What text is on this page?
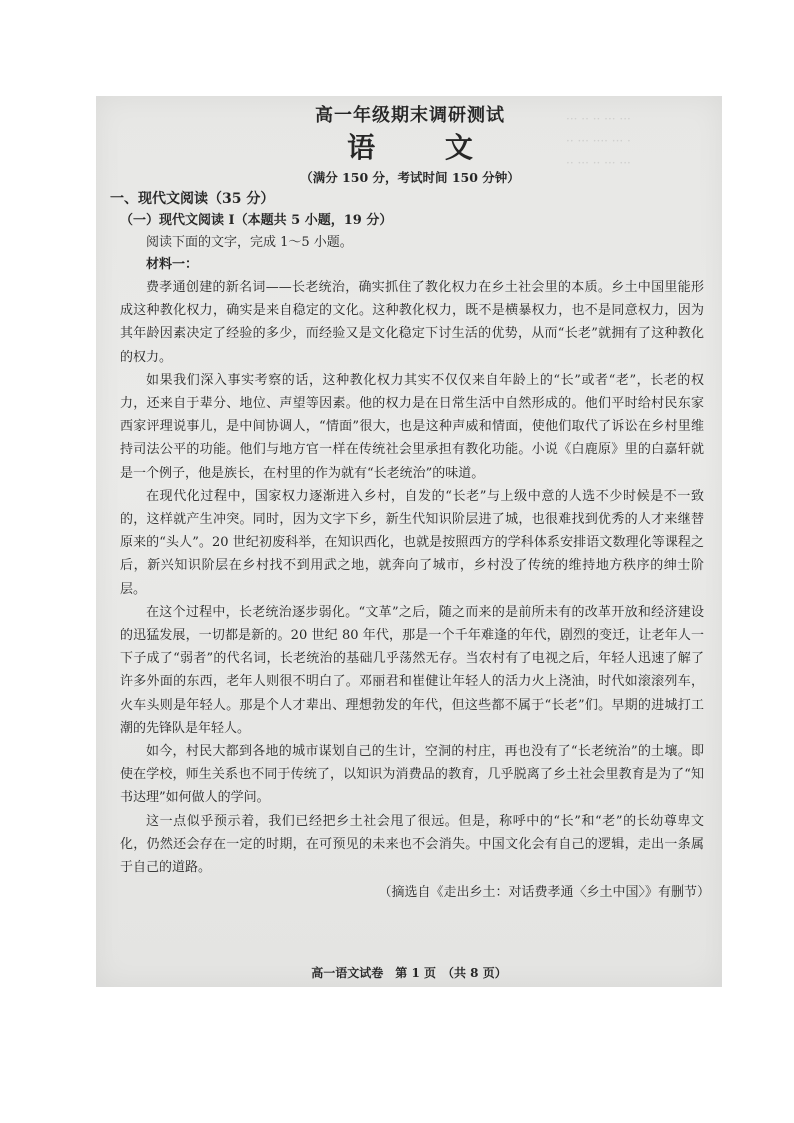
··· ·· ·· ··· ···
·· ··· ···· ··· ·
·· ··· ·· ··· ···
高一年级期末调研测试
语 文

（满分 150 分，考试时间 150 分钟）

一、现代文阅读（35 分）

（一）现代文阅读 Ⅰ（本题共 5 小题，19 分）

阅读下面的文字，完成 1～5 小题。

材料一：

费孝通创建的新名词——长老统治，确实抓住了教化权力在乡土社会里的本质。乡土中国里能形成这种教化权力，确实是来自稳定的文化。这种教化权力，既不是横暴权力，也不是同意权力，因为其年龄因素决定了经验的多少，而经验又是文化稳定下讨生活的优势，从而“长老”就拥有了这种教化的权力。

如果我们深入事实考察的话，这种教化权力其实不仅仅来自年龄上的“长”或者“老”，长老的权力，还来自于辈分、地位、声望等因素。他的权力是在日常生活中自然形成的。他们平时给村民东家西家评理说事儿，是中间协调人，“情面”很大，也是这种声威和情面，使他们取代了诉讼在乡村里维持司法公平的功能。他们与地方官一样在传统社会里承担有教化功能。小说《白鹿原》里的白嘉轩就是一个例子，他是族长，在村里的作为就有“长老统治”的味道。

在现代化过程中，国家权力逐渐进入乡村，自发的“长老”与上级中意的人选不少时候是不一致的，这样就产生冲突。同时，因为文字下乡，新生代知识阶层进了城，也很难找到优秀的人才来继替原来的“头人”。20 世纪初废科举，在知识西化，也就是按照西方的学科体系安排语文数理化等课程之后，新兴知识阶层在乡村找不到用武之地，就奔向了城市，乡村没了传统的维持地方秩序的绅士阶层。

在这个过程中，长老统治逐步弱化。“文革”之后，随之而来的是前所未有的改革开放和经济建设的迅猛发展，一切都是新的。20 世纪 80 年代，那是一个千年难逢的年代，剧烈的变迁，让老年人一下子成了“弱者”的代名词，长老统治的基础几乎荡然无存。当农村有了电视之后，年轻人迅速了解了许多外面的东西，老年人则很不明白了。邓丽君和崔健让年轻人的活力火上浇油，时代如滚滚列车，火车头则是年轻人。那是个人才辈出、理想勃发的年代，但这些都不属于“长老”们。早期的进城打工潮的先锋队是年轻人。

如今，村民大都到各地的城市谋划自己的生计，空洞的村庄，再也没有了“长老统治”的土壤。即使在学校，师生关系也不同于传统了，以知识为消费品的教育，几乎脱离了乡土社会里教育是为了“知书达理”如何做人的学问。

这一点似乎预示着，我们已经把乡土社会甩了很远。但是，称呼中的“长”和“老”的长幼尊卑文化，仍然还会存在一定的时期，在可预见的未来也不会消失。中国文化会有自己的逻辑，走出一条属于自己的道路。

（摘选自《走出乡土：对话费孝通〈乡土中国〉》有删节）

高一语文试卷　第 1 页　（共 8 页）
